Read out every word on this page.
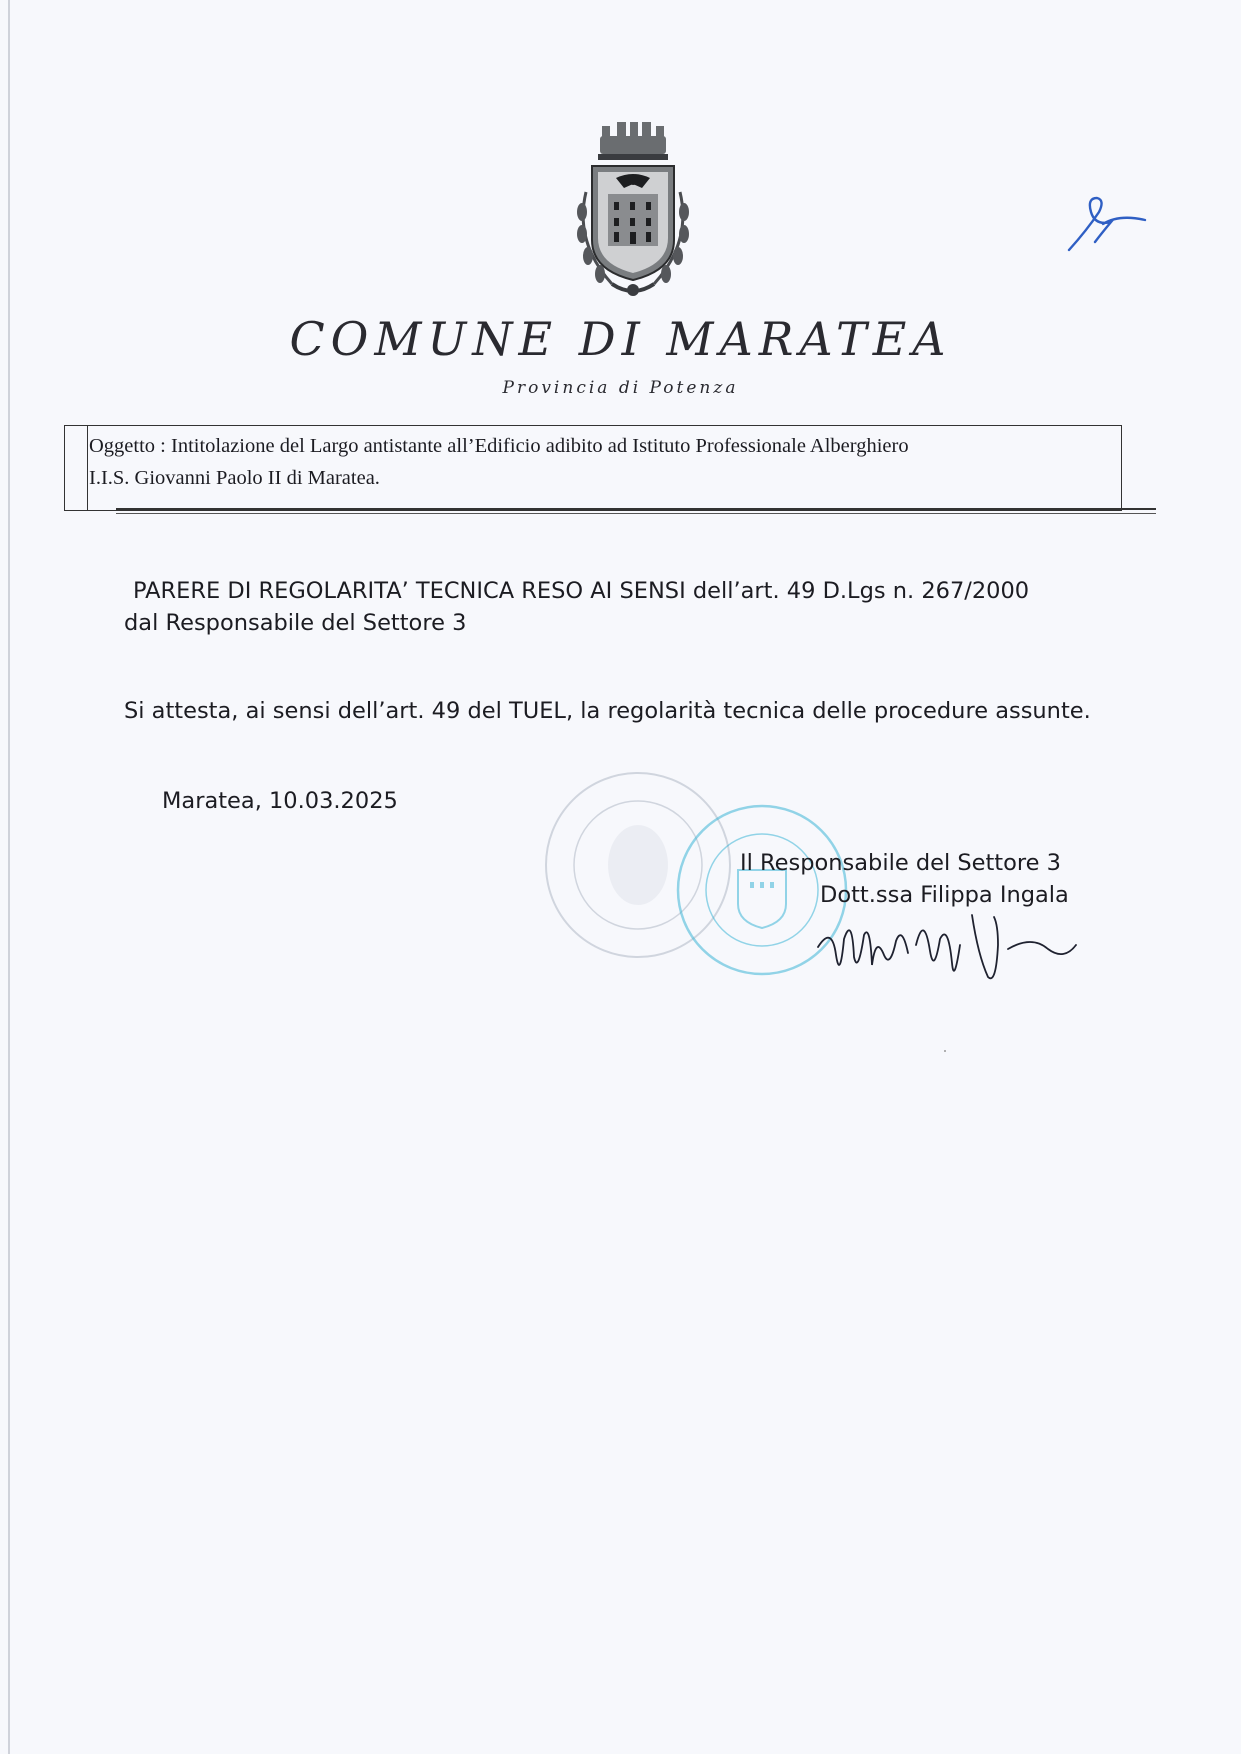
COMUNE DI MARATEA
Provincia di Potenza
Oggetto : Intitolazione del Largo antistante all’Edificio adibito ad Istituto Professionale Alberghiero
I.I.S. Giovanni Paolo II di Maratea.
PARERE DI REGOLARITA’ TECNICA RESO AI SENSI dell’art. 49 D.Lgs n. 267/2000
dal Responsabile del Settore 3
Si attesta, ai sensi dell’art. 49 del TUEL, la regolarità tecnica delle procedure assunte.
Maratea, 10.03.2025
Il Responsabile del Settore 3
Dott.ssa Filippa Ingala
